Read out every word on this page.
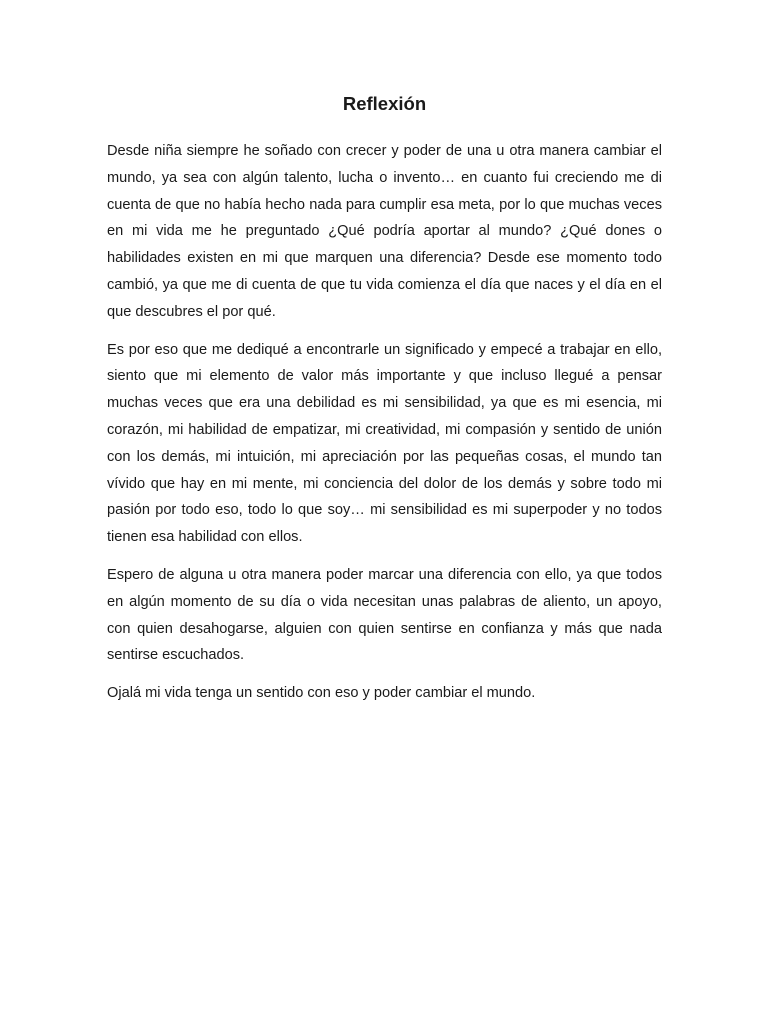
Reflexión

Desde niña siempre he soñado con crecer y poder de una u otra manera cambiar el mundo, ya sea con algún talento, lucha o invento… en cuanto fui creciendo me di cuenta de que no había hecho nada para cumplir esa meta, por lo que muchas veces en mi vida me he preguntado ¿Qué podría aportar al mundo? ¿Qué dones o habilidades existen en mi que marquen una diferencia? Desde ese momento todo cambió, ya que me di cuenta de que tu vida comienza el día que naces y el día en el que descubres el por qué.

Es por eso que me dediqué a encontrarle un significado y empecé a trabajar en ello, siento que mi elemento de valor más importante y que incluso llegué a pensar muchas veces que era una debilidad es mi sensibilidad, ya que es mi esencia, mi corazón, mi habilidad de empatizar, mi creatividad, mi compasión y sentido de unión con los demás, mi intuición, mi apreciación por las pequeñas cosas, el mundo tan vívido que hay en mi mente, mi conciencia del dolor de los demás y sobre todo mi pasión por todo eso, todo lo que soy… mi sensibilidad es mi superpoder y no todos tienen esa habilidad con ellos.

Espero de alguna u otra manera poder marcar una diferencia con ello, ya que todos en algún momento de su día o vida necesitan unas palabras de aliento, un apoyo, con quien desahogarse, alguien con quien sentirse en confianza y más que nada sentirse escuchados.

Ojalá mi vida tenga un sentido con eso y poder cambiar el mundo.
